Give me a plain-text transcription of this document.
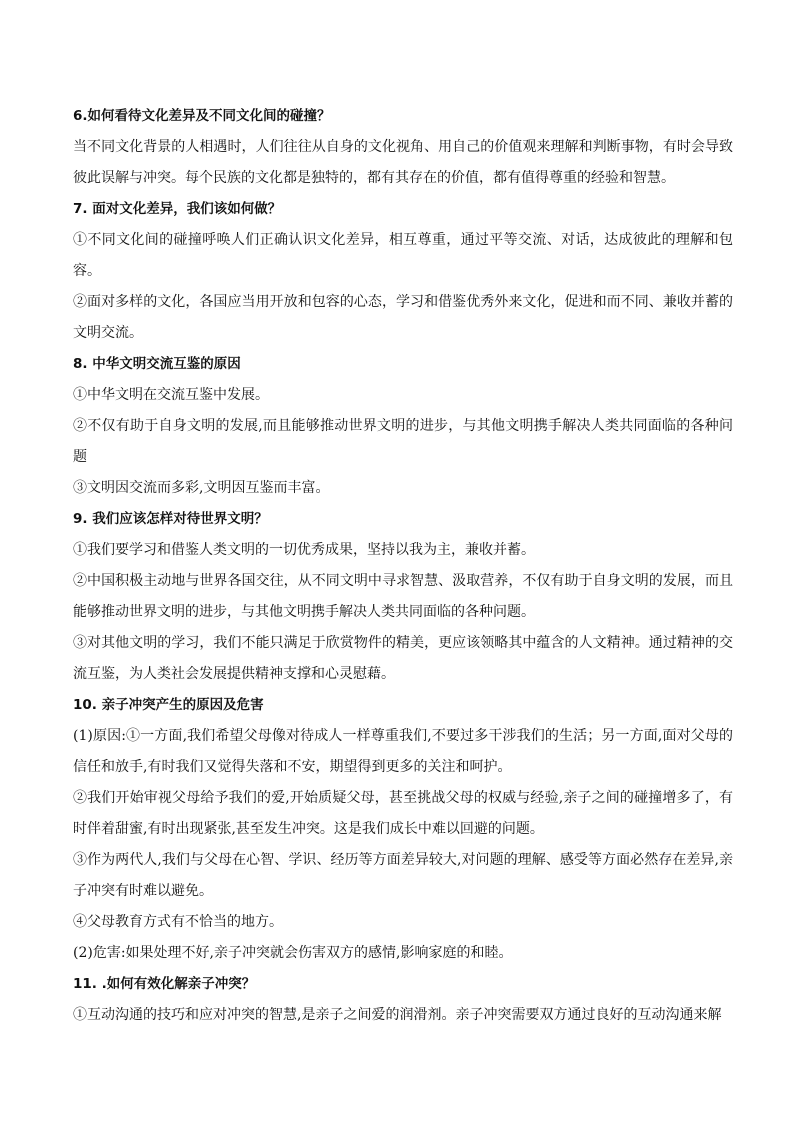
6.如何看待文化差异及不同文化间的碰撞？
当不同文化背景的人相遇时，人们往往从自身的文化视角、用自己的价值观来理解和判断事物，有时会导致彼此误解与冲突。每个民族的文化都是独特的，都有其存在的价值，都有值得尊重的经验和智慧。
7. 面对文化差异，我们该如何做？
①不同文化间的碰撞呼唤人们正确认识文化差异，相互尊重，通过平等交流、对话，达成彼此的理解和包容。
②面对多样的文化，各国应当用开放和包容的心态，学习和借鉴优秀外来文化，促进和而不同、兼收并蓄的文明交流。
8. 中华文明交流互鉴的原因
①中华文明在交流互鉴中发展。
②不仅有助于自身文明的发展,而且能够推动世界文明的进步，与其他文明携手解决人类共同面临的各种问题
③文明因交流而多彩,文明因互鉴而丰富。
9. 我们应该怎样对待世界文明？
①我们要学习和借鉴人类文明的一切优秀成果，坚持以我为主，兼收并蓄。
②中国积极主动地与世界各国交往，从不同文明中寻求智慧、汲取营养，不仅有助于自身文明的发展，而且能够推动世界文明的进步，与其他文明携手解决人类共同面临的各种问题。
③对其他文明的学习，我们不能只满足于欣赏物件的精美，更应该领略其中蕴含的人文精神。通过精神的交流互鉴，为人类社会发展提供精神支撑和心灵慰藉。
10. 亲子冲突产生的原因及危害
(1)原因:①一方面,我们希望父母像对待成人一样尊重我们,不要过多干涉我们的生活；另一方面,面对父母的信任和放手,有时我们又觉得失落和不安，期望得到更多的关注和呵护。
②我们开始审视父母给予我们的爱,开始质疑父母，甚至挑战父母的权威与经验,亲子之间的碰撞增多了，有时伴着甜蜜,有时出现紧张,甚至发生冲突。这是我们成长中难以回避的问题。
③作为两代人,我们与父母在心智、学识、经历等方面差异较大,对问题的理解、感受等方面必然存在差异,亲子冲突有时难以避免。
④父母教育方式有不恰当的地方。
(2)危害:如果处理不好,亲子冲突就会伤害双方的感情,影响家庭的和睦。
11. .如何有效化解亲子冲突？
①互动沟通的技巧和应对冲突的智慧,是亲子之间爱的润滑剂。亲子冲突需要双方通过良好的互动沟通来解
